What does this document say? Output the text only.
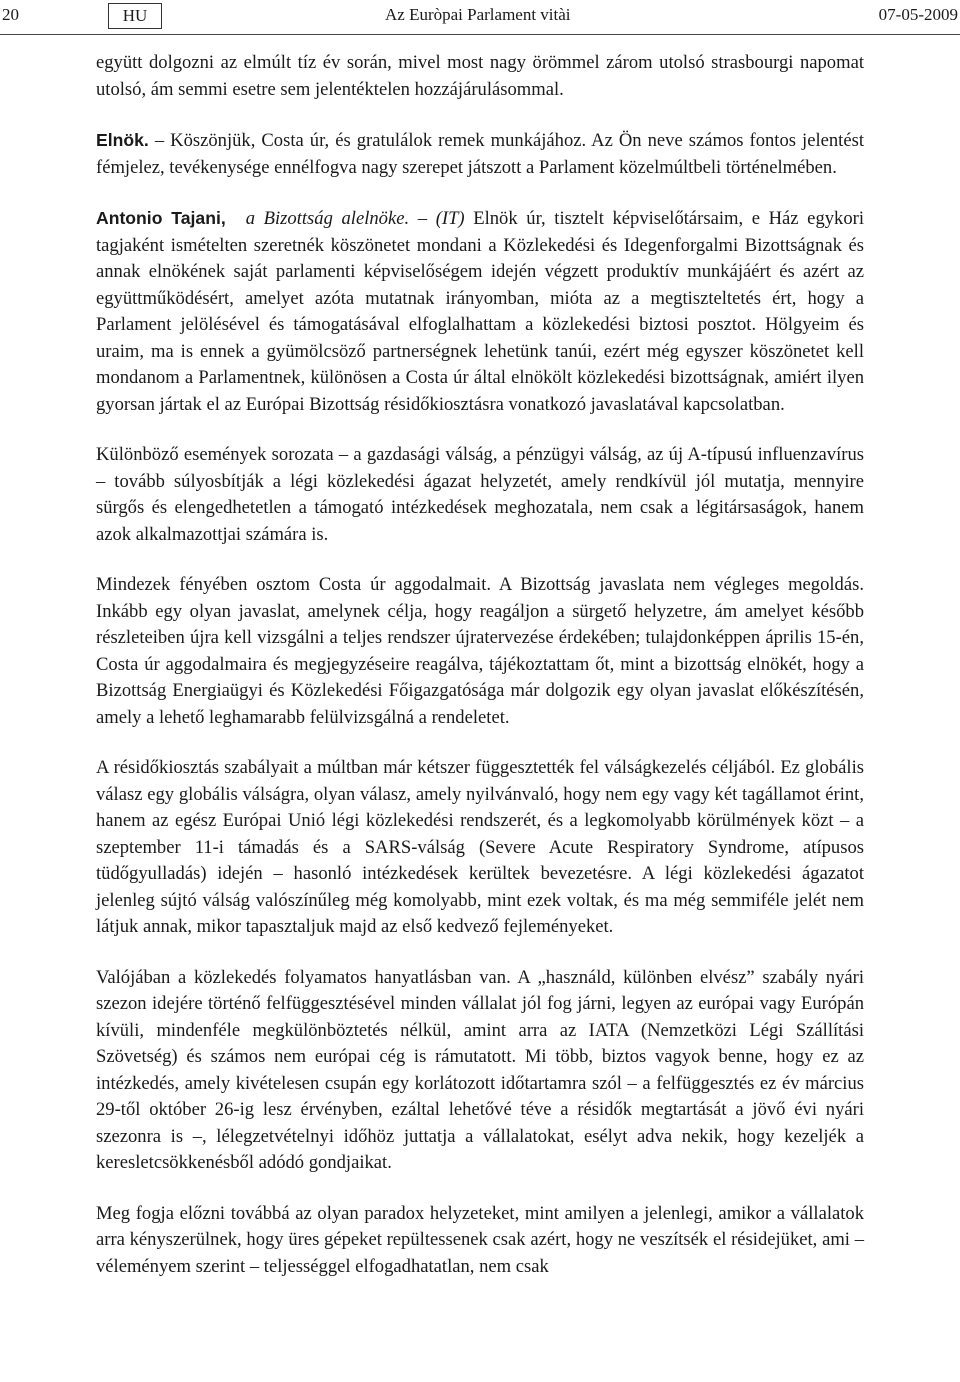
20	HU	Az Euròpai Parlament vitài	07-05-2009

együtt dolgozni az elmúlt tíz év során, mivel most nagy örömmel zárom utolsó strasbourgi napomat utolsó, ám semmi esetre sem jelentéktelen hozzájárulásommal.

Elnök. – Köszönjük, Costa úr, és gratulálok remek munkájához. Az Ön neve számos fontos jelentést fémjelez, tevékenysége ennélfogva nagy szerepet játszott a Parlament közelmúltbeli történelmében.

Antonio Tajani, a Bizottság alelnöke. – (IT) Elnök úr, tisztelt képviselőtársaim, e Ház egykori tagjaként ismételten szeretnék köszönetet mondani a Közlekedési és Idegenforgalmi Bizottságnak és annak elnökének saját parlamenti képviselőségem idején végzett produktív munkájáért és azért az együttműködésért, amelyet azóta mutatnak irányomban, mióta az a megtiszteltetés ért, hogy a Parlament jelölésével és támogatásával elfoglalhattam a közlekedési biztosi posztot. Hölgyeim és uraim, ma is ennek a gyümölcsöző partnerségnek lehetünk tanúi, ezért még egyszer köszönetet kell mondanom a Parlamentnek, különösen a Costa úr által elnökölt közlekedési bizottságnak, amiért ilyen gyorsan jártak el az Európai Bizottság résidőkiosztásra vonatkozó javaslatával kapcsolatban.

Különböző események sorozata – a gazdasági válság, a pénzügyi válság, az új A-típusú influenzavírus – tovább súlyosbítják a légi közlekedési ágazat helyzetét, amely rendkívül jól mutatja, mennyire sürgős és elengedhetetlen a támogató intézkedések meghozatala, nem csak a légitársaságok, hanem azok alkalmazottjai számára is.

Mindezek fényében osztom Costa úr aggodalmait. A Bizottság javaslata nem végleges megoldás. Inkább egy olyan javaslat, amelynek célja, hogy reagáljon a sürgető helyzetre, ám amelyet később részleteiben újra kell vizsgálni a teljes rendszer újratervezése érdekében; tulajdonképpen április 15-én, Costa úr aggodalmaira és megjegyzéseire reagálva, tájékoztattam őt, mint a bizottság elnökét, hogy a Bizottság Energiaügyi és Közlekedési Főigazgatósága már dolgozik egy olyan javaslat előkészítésén, amely a lehető leghamarabb felülvizsgálná a rendeletet.

A résidőkiosztás szabályait a múltban már kétszer függesztették fel válságkezelés céljából. Ez globális válasz egy globális válságra, olyan válasz, amely nyilvánvaló, hogy nem egy vagy két tagállamot érint, hanem az egész Európai Unió légi közlekedési rendszerét, és a legkomolyabb körülmények közt – a szeptember 11-i támadás és a SARS-válság (Severe Acute Respiratory Syndrome, atípusos tüdőgyulladás) idején – hasonló intézkedések kerültek bevezetésre. A légi közlekedési ágazatot jelenleg sújtó válság valószínűleg még komolyabb, mint ezek voltak, és ma még semmiféle jelét nem látjuk annak, mikor tapasztaljuk majd az első kedvező fejleményeket.

Valójában a közlekedés folyamatos hanyatlásban van. A „használd, különben elvész” szabály nyári szezon idejére történő felfüggesztésével minden vállalat jól fog járni, legyen az európai vagy Európán kívüli, mindenféle megkülönböztetés nélkül, amint arra az IATA (Nemzetközi Légi Szállítási Szövetség) és számos nem európai cég is rámutatott. Mi több, biztos vagyok benne, hogy ez az intézkedés, amely kivételesen csupán egy korlátozott időtartamra szól – a felfüggesztés ez év március 29-től október 26-ig lesz érvényben, ezáltal lehetővé téve a résidők megtartását a jövő évi nyári szezonra is –, lélegzetvételnyi időhöz juttatja a vállalatokat, esélyt adva nekik, hogy kezeljék a keresletcsökkenésből adódó gondjaikat.

Meg fogja előzni továbbá az olyan paradox helyzeteket, mint amilyen a jelenlegi, amikor a vállalatok arra kényszerülnek, hogy üres gépeket repültessenek csak azért, hogy ne veszítsék el résidejüket, ami – véleményem szerint – teljességgel elfogadhatatlan, nem csak
